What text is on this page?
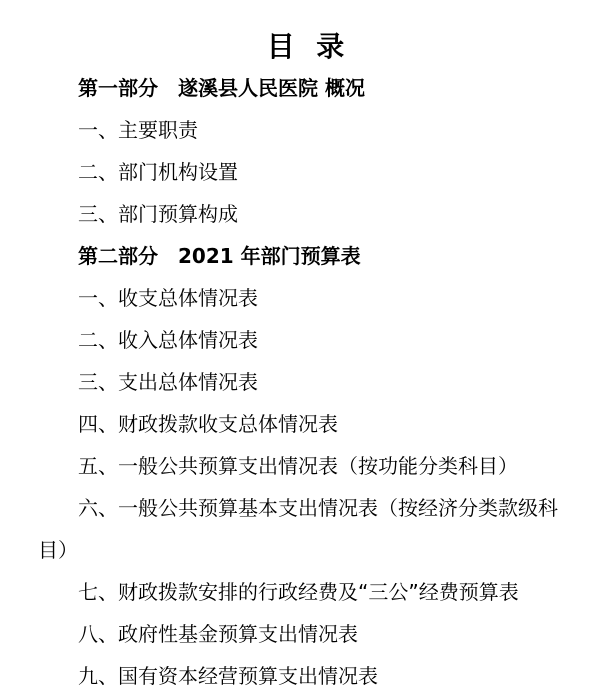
目 录
第一部分　遂溪县人民医院 概况
一、主要职责
二、部门机构设置
三、部门预算构成
第二部分　2021 年部门预算表
一、收支总体情况表
二、收入总体情况表
三、支出总体情况表
四、财政拨款收支总体情况表
五、一般公共预算支出情况表（按功能分类科目）
六、一般公共预算基本支出情况表（按经济分类款级科
目）
七、财政拨款安排的行政经费及“三公”经费预算表
八、政府性基金预算支出情况表
九、国有资本经营预算支出情况表
